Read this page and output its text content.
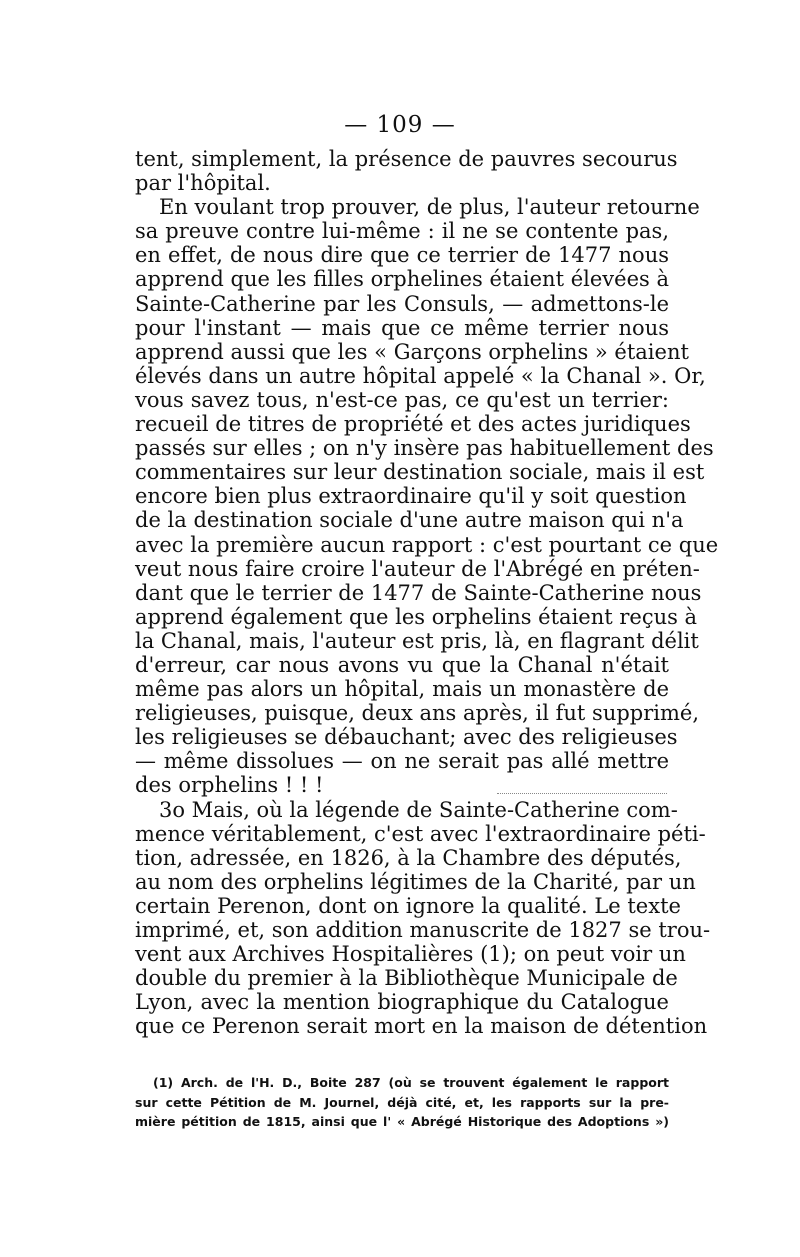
— 109 —
tent, simplement, la présence de pauvres secourus
par l'hôpital.
En voulant trop prouver, de plus, l'auteur retourne
sa preuve contre lui-même : il ne se contente pas,
en effet, de nous dire que ce terrier de 1477 nous
apprend que les filles orphelines étaient élevées à
Sainte-Catherine par les Consuls, — admettons-le
pour l'instant — mais que ce même terrier nous
apprend aussi que les « Garçons orphelins » étaient
élevés dans un autre hôpital appelé « la Chanal ». Or,
vous savez tous, n'est-ce pas, ce qu'est un terrier:
recueil de titres de propriété et des actes juridiques
passés sur elles ; on n'y insère pas habituellement des
commentaires sur leur destination sociale, mais il est
encore bien plus extraordinaire qu'il y soit question
de la destination sociale d'une autre maison qui n'a
avec la première aucun rapport : c'est pourtant ce que
veut nous faire croire l'auteur de l'Abrégé en préten-
dant que le terrier de 1477 de Sainte-Catherine nous
apprend également que les orphelins étaient reçus à
la Chanal, mais, l'auteur est pris, là, en flagrant délit
d'erreur, car nous avons vu que la Chanal n'était
même pas alors un hôpital, mais un monastère de
religieuses, puisque, deux ans après, il fut supprimé,
les religieuses se débauchant; avec des religieuses
— même dissolues — on ne serait pas allé mettre
des orphelins ! ! !
3o Mais, où la légende de Sainte-Catherine com-
mence véritablement, c'est avec l'extraordinaire péti-
tion, adressée, en 1826, à la Chambre des députés,
au nom des orphelins légitimes de la Charité, par un
certain Perenon, dont on ignore la qualité. Le texte
imprimé, et, son addition manuscrite de 1827 se trou-
vent aux Archives Hospitalières (1); on peut voir un
double du premier à la Bibliothèque Municipale de
Lyon, avec la mention biographique du Catalogue
que ce Perenon serait mort en la maison de détention
(1) Arch. de l'H. D., Boite 287 (où se trouvent également le rapport
sur cette Pétition de M. Journel, déjà cité, et, les rapports sur la pre-
mière pétition de 1815, ainsi que l' « Abrégé Historique des Adoptions »)
